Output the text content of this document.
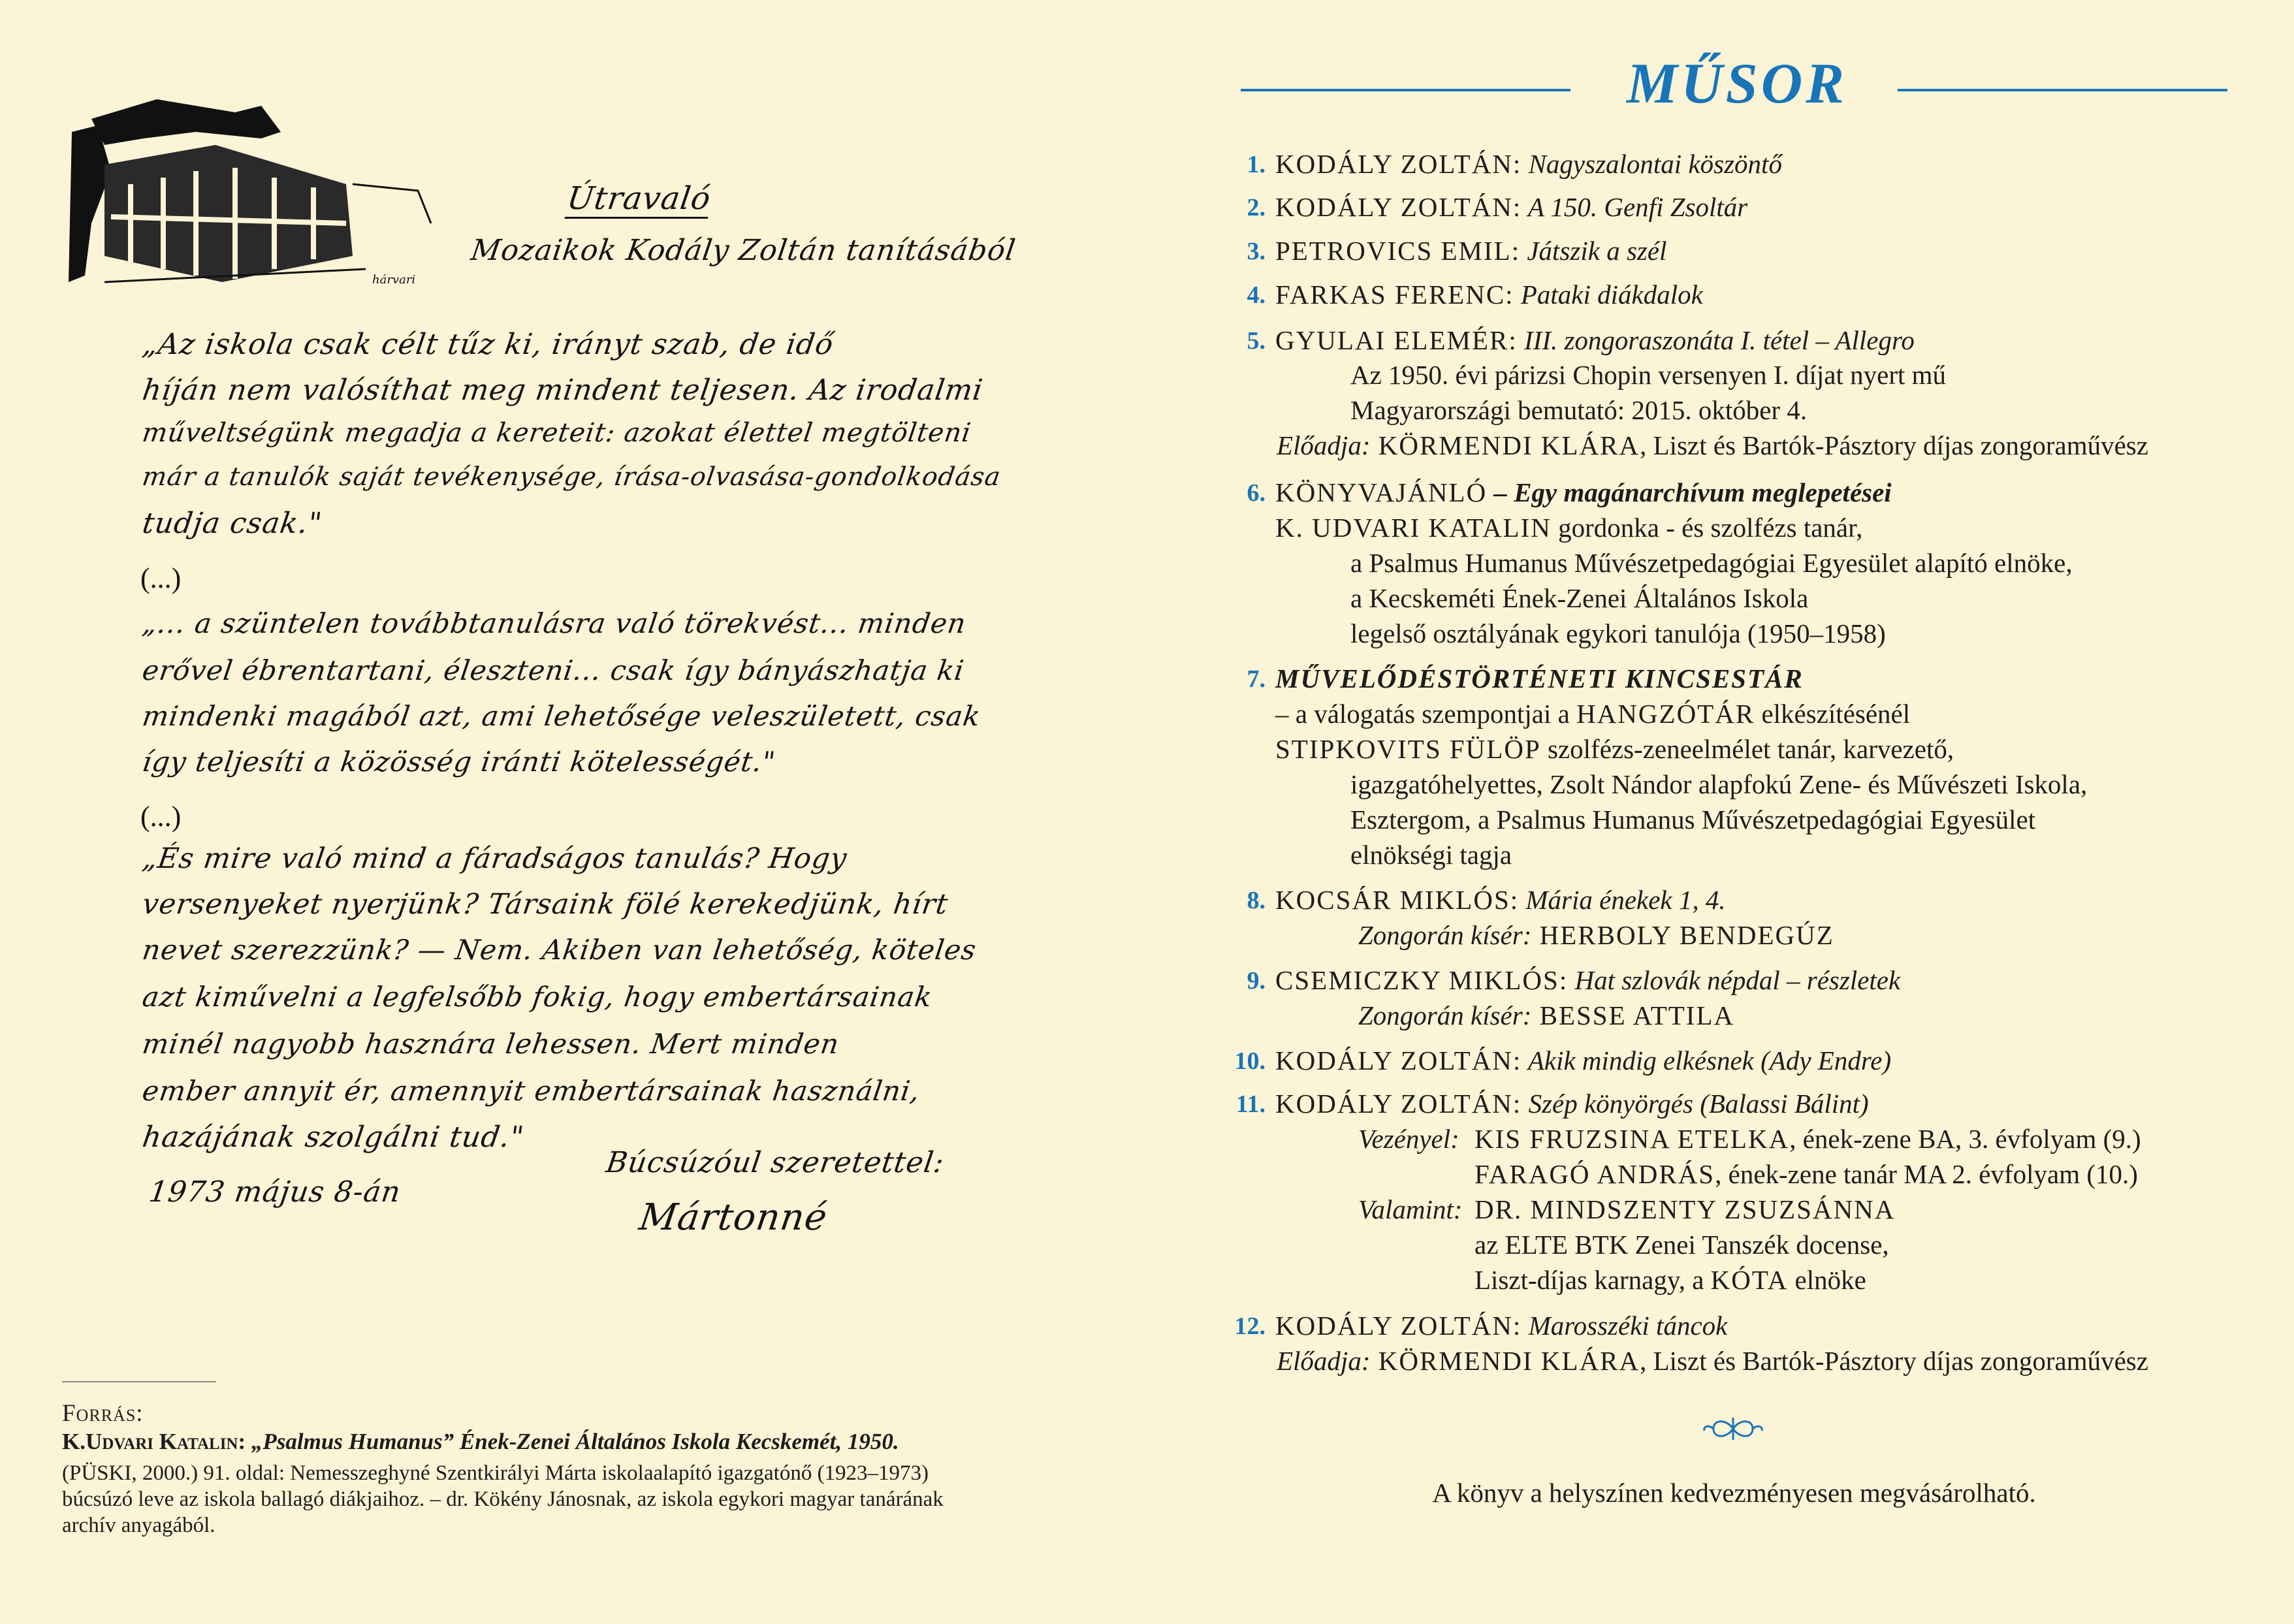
hárvari
Útravaló
Mozaikok Kodály Zoltán tanításából
„Az iskola csak célt tűz ki, irányt szab, de idő
híján nem valósíthat meg mindent teljesen. Az irodalmi
műveltségünk megadja a kereteit: azokat élettel megtölteni
már a tanulók saját tevékenysége, írása-olvasása-gondolkodása
tudja csak."
(...)
„... a szüntelen továbbtanulásra való törekvést... minden
erővel ébrentartani, éleszteni... csak így bányászhatja ki
mindenki magából azt, ami lehetősége veleszületett, csak
így teljesíti a közösség iránti kötelességét."
(...)
„És mire való mind a fáradságos tanulás? Hogy
versenyeket nyerjünk? Társaink fölé kerekedjünk, hírt
nevet szerezzünk? — Nem. Akiben van lehetőség, köteles
azt kiművelni a legfelsőbb fokig, hogy embertársainak
minél nagyobb hasznára lehessen. Mert minden
ember annyit ér, amennyit embertársainak használni,
hazájának szolgálni tud."
Búcsúzóul szeretettel:
1973 május 8-án
Mártonné
Forrás:
K.Udvari Katalin: „Psalmus Humanus” Ének-Zenei Általános Iskola Kecskemét, 1950.
(PÜSKI, 2000.) 91. oldal: Nemesszeghyné Szentkirályi Márta iskolaalapító igazgatónő (1923–1973)
búcsúzó leve az iskola ballagó diákjaihoz. – dr. Kökény Jánosnak, az iskola egykori magyar tanárának
archív anyagából.
MŰSOR
1. KODÁLY ZOLTÁN: Nagyszalontai köszöntő
2. KODÁLY ZOLTÁN: A 150. Genfi Zsoltár
3. PETROVICS EMIL: Játszik a szél
4. FARKAS FERENC: Pataki diákdalok
5. GYULAI ELEMÉR: III. zongoraszonáta I. tétel – Allegro
Az 1950. évi párizsi Chopin versenyen I. díjat nyert mű
Magyarországi bemutató: 2015. október 4.
Előadja: KÖRMENDI KLÁRA, Liszt és Bartók-Pásztory díjas zongoraművész
6. KÖNYVAJÁNLÓ – Egy magánarchívum meglepetései
K. UDVARI KATALIN gordonka - és szolfézs tanár,
a Psalmus Humanus Művészetpedagógiai Egyesület alapító elnöke,
a Kecskeméti Ének-Zenei Általános Iskola
legelső osztályának egykori tanulója (1950–1958)
7. MŰVELŐDÉSTÖRTÉNETI KINCSESTÁR
– a válogatás szempontjai a HANGZÓTÁR elkészítésénél
STIPKOVITS FÜLÖP szolfézs-zeneelmélet tanár, karvezető,
igazgatóhelyettes, Zsolt Nándor alapfokú Zene- és Művészeti Iskola,
Esztergom, a Psalmus Humanus Művészetpedagógiai Egyesület
elnökségi tagja
8. KOCSÁR MIKLÓS: Mária énekek 1, 4.
Zongorán kísér: HERBOLY BENDEGÚZ
9. CSEMICZKY MIKLÓS: Hat szlovák népdal – részletek
Zongorán kísér: BESSE ATTILA
10. KODÁLY ZOLTÁN: Akik mindig elkésnek (Ady Endre)
11. KODÁLY ZOLTÁN: Szép könyörgés (Balassi Bálint)
Vezényel: KIS FRUZSINA ETELKA, ének-zene BA, 3. évfolyam (9.)
FARAGÓ ANDRÁS, ének-zene tanár MA 2. évfolyam (10.)
Valamint: DR. MINDSZENTY ZSUZSÁNNA
az ELTE BTK Zenei Tanszék docense,
Liszt-díjas karnagy, a KÓTA elnöke
12. KODÁLY ZOLTÁN: Marosszéki táncok
Előadja: KÖRMENDI KLÁRA, Liszt és Bartók-Pásztory díjas zongoraművész
A könyv a helyszínen kedvezményesen megvásárolható.
